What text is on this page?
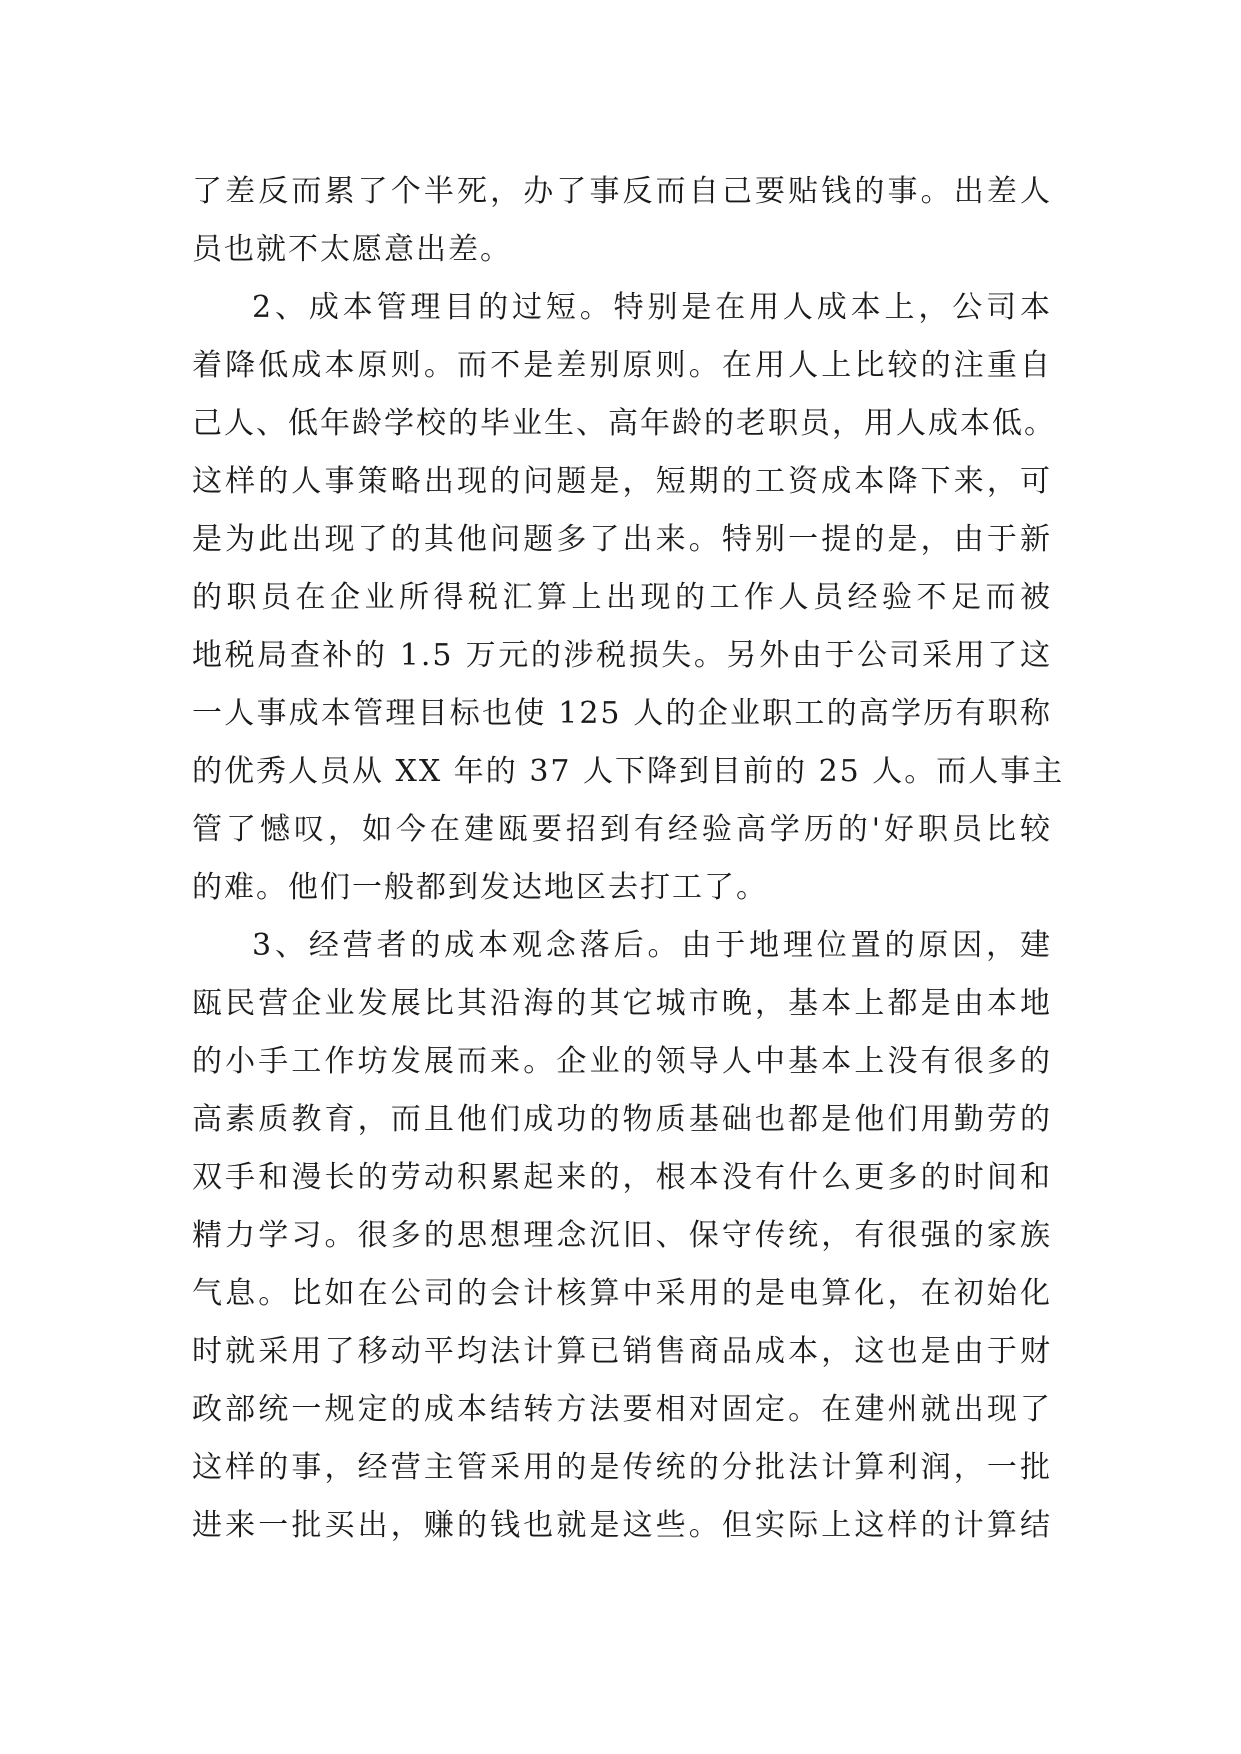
了差反而累了个半死，办了事反而自己要贴钱的事。出差人
员也就不太愿意出差。
2、成本管理目的过短。特别是在用人成本上，公司本
着降低成本原则。而不是差别原则。在用人上比较的注重自
己人、低年龄学校的毕业生、高年龄的老职员，用人成本低。
这样的人事策略出现的问题是，短期的工资成本降下来，可
是为此出现了的其他问题多了出来。特别一提的是，由于新
的职员在企业所得税汇算上出现的工作人员经验不足而被
地税局查补的 1.5 万元的涉税损失。另外由于公司采用了这
一人事成本管理目标也使 125 人的企业职工的高学历有职称
的优秀人员从 XX 年的 37 人下降到目前的 25 人。而人事主
管了憾叹，如今在建瓯要招到有经验高学历的'好职员比较
的难。他们一般都到发达地区去打工了。
3、经营者的成本观念落后。由于地理位置的原因，建
瓯民营企业发展比其沿海的其它城市晚，基本上都是由本地
的小手工作坊发展而来。企业的领导人中基本上没有很多的
高素质教育，而且他们成功的物质基础也都是他们用勤劳的
双手和漫长的劳动积累起来的，根本没有什么更多的时间和
精力学习。很多的思想理念沉旧、保守传统，有很强的家族
气息。比如在公司的会计核算中采用的是电算化，在初始化
时就采用了移动平均法计算已销售商品成本，这也是由于财
政部统一规定的成本结转方法要相对固定。在建州就出现了
这样的事，经营主管采用的是传统的分批法计算利润，一批
进来一批买出，赚的钱也就是这些。但实际上这样的计算结
